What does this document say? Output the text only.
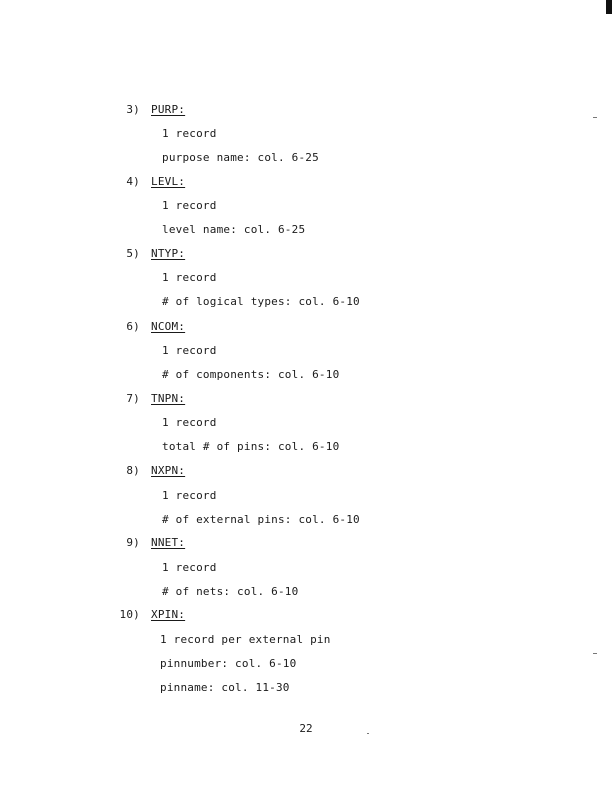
3) PURP:
1 record
purpose name: col. 6-25
4) LEVL:
1 record
level name: col. 6-25
5) NTYP:
1 record
# of logical types: col. 6-10
6) NCOM:
1 record
# of components: col. 6-10
7) TNPN:
1 record
total # of pins: col. 6-10
8) NXPN:
1 record
# of external pins: col. 6-10
9) NNET:
1 record
# of nets: col. 6-10
10) XPIN:
1 record per external pin
pinnumber: col. 6-10
pinname: col. 11-30
22
